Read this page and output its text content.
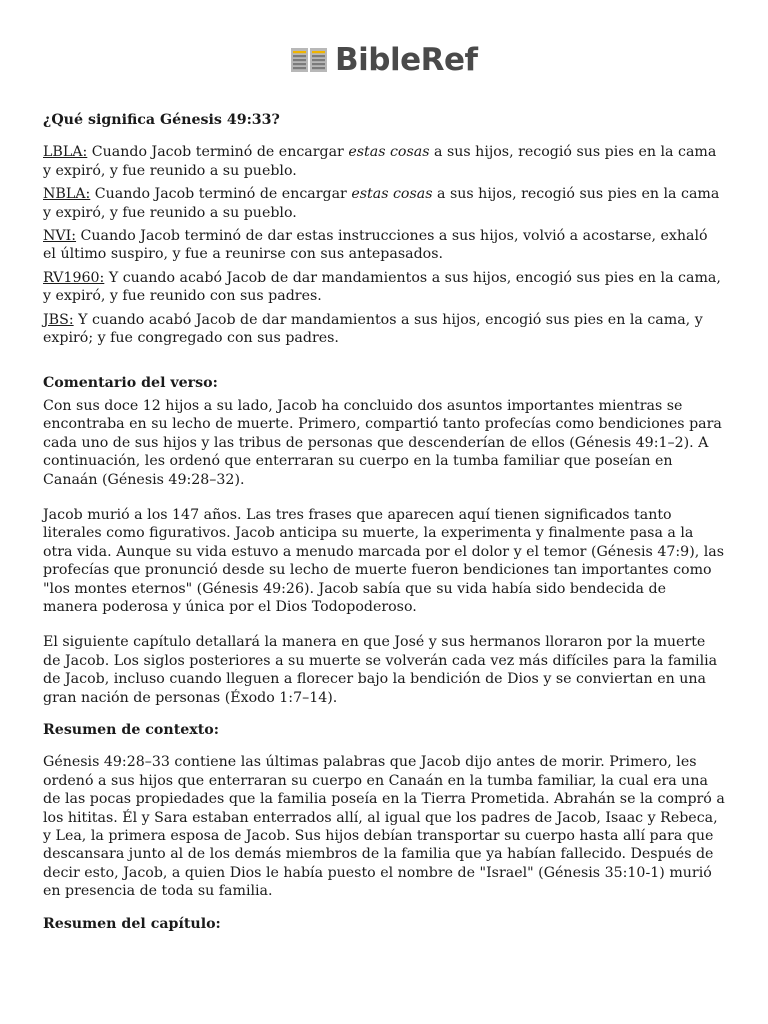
BibleRef
¿Qué significa Génesis 49:33?
LBLA: Cuando Jacob terminó de encargar estas cosas a sus hijos, recogió sus pies en la cama y expiró, y fue reunido a su pueblo.
NBLA: Cuando Jacob terminó de encargar estas cosas a sus hijos, recogió sus pies en la cama y expiró, y fue reunido a su pueblo.
NVI: Cuando Jacob terminó de dar estas instrucciones a sus hijos, volvió a acostarse, exhaló el último suspiro, y fue a reunirse con sus antepasados.
RV1960: Y cuando acabó Jacob de dar mandamientos a sus hijos, encogió sus pies en la cama, y expiró, y fue reunido con sus padres.
JBS: Y cuando acabó Jacob de dar mandamientos a sus hijos, encogió sus pies en la cama, y expiró; y fue congregado con sus padres.
Comentario del verso:

Con sus doce 12 hijos a su lado, Jacob ha concluido dos asuntos importantes mientras se encontraba en su lecho de muerte. Primero, compartió tanto profecías como bendiciones para cada uno de sus hijos y las tribus de personas que descenderían de ellos (Génesis 49:1–2). A continuación, les ordenó que enterraran su cuerpo en la tumba familiar que poseían en Canaán (Génesis 49:28–32).

Jacob murió a los 147 años. Las tres frases que aparecen aquí tienen significados tanto literales como figurativos. Jacob anticipa su muerte, la experimenta y finalmente pasa a la otra vida. Aunque su vida estuvo a menudo marcada por el dolor y el temor (Génesis 47:9), las profecías que pronunció desde su lecho de muerte fueron bendiciones tan importantes como "los montes eternos" (Génesis 49:26). Jacob sabía que su vida había sido bendecida de manera poderosa y única por el Dios Todopoderoso.

El siguiente capítulo detallará la manera en que José y sus hermanos lloraron por la muerte de Jacob. Los siglos posteriores a su muerte se volverán cada vez más difíciles para la familia de Jacob, incluso cuando lleguen a florecer bajo la bendición de Dios y se conviertan en una gran nación de personas (Éxodo 1:7–14).

Resumen de contexto:

Génesis 49:28–33 contiene las últimas palabras que Jacob dijo antes de morir. Primero, les ordenó a sus hijos que enterraran su cuerpo en Canaán en la tumba familiar, la cual era una de las pocas propiedades que la familia poseía en la Tierra Prometida. Abrahán se la compró a los hititas. Él y Sara estaban enterrados allí, al igual que los padres de Jacob, Isaac y Rebeca, y Lea, la primera esposa de Jacob. Sus hijos debían transportar su cuerpo hasta allí para que descansara junto al de los demás miembros de la familia que ya habían fallecido. Después de decir esto, Jacob, a quien Dios le había puesto el nombre de "Israel" (Génesis 35:10-1) murió en presencia de toda su familia.

Resumen del capítulo:
